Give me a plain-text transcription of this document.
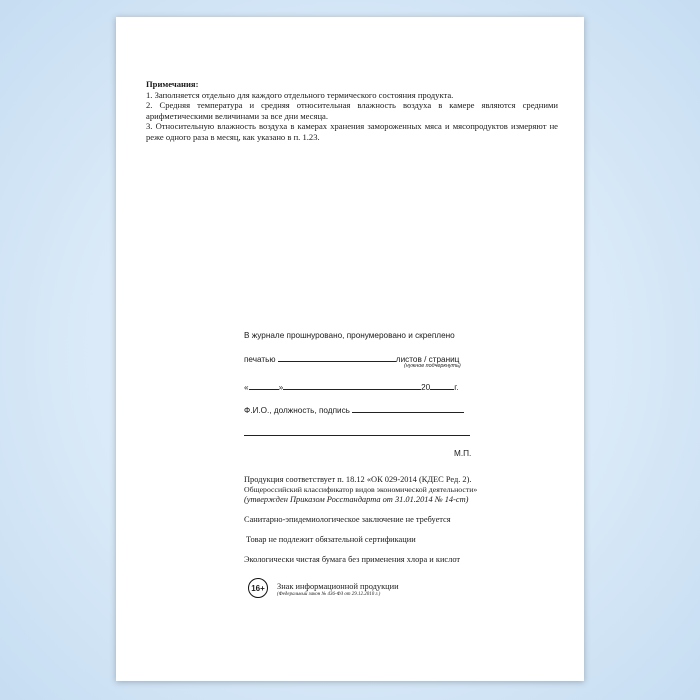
Примечания:
1. Заполняется отдельно для каждого отдельного термического состояния продукта.
2. Средняя температура и средняя относительная влажность воздуха в камере являются средними арифметическими величинами за все дни месяца.
3. Относительную влажность воздуха в камерах хранения замороженных мяса и мясопродуктов измеряют не реже одного раза в месяц, как указано в п. 1.23.
В журнале прошнуровано, пронумеровано и скреплено
печатью	листов / страниц
(нужное подчеркнуть)
«	»	20	г.
Ф.И.О., должность, подпись
М.П.
Продукция соответствует п. 18.12 «ОК 029-2014 (КДЕС Ред. 2).
Общероссийский классификатор видов экономической деятельности»
(утвержден Приказом Росстандарта от 31.01.2014 № 14-ст)
Санитарно-эпидемиологическое заключение не требуется
Товар не подлежит обязательной сертификации
Экологически чистая бумага без применения хлора и кислот
16+	Знак информационной продукции
(Федеральный закон № 436-ФЗ от 29.12.2010 г.)
